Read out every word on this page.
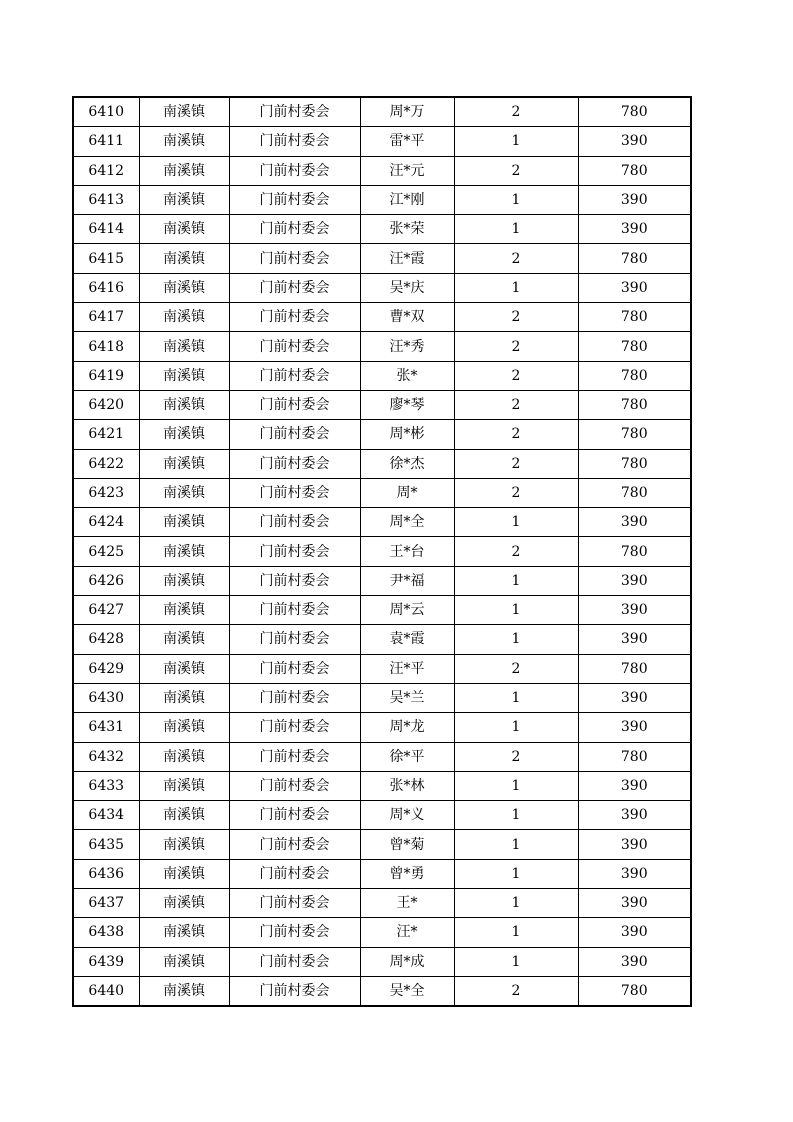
6410	南溪镇	门前村委会	周*万	2	780
6411	南溪镇	门前村委会	雷*平	1	390
6412	南溪镇	门前村委会	汪*元	2	780
6413	南溪镇	门前村委会	江*刚	1	390
6414	南溪镇	门前村委会	张*荣	1	390
6415	南溪镇	门前村委会	汪*霞	2	780
6416	南溪镇	门前村委会	吴*庆	1	390
6417	南溪镇	门前村委会	曹*双	2	780
6418	南溪镇	门前村委会	汪*秀	2	780
6419	南溪镇	门前村委会	张*	2	780
6420	南溪镇	门前村委会	廖*琴	2	780
6421	南溪镇	门前村委会	周*彬	2	780
6422	南溪镇	门前村委会	徐*杰	2	780
6423	南溪镇	门前村委会	周*	2	780
6424	南溪镇	门前村委会	周*全	1	390
6425	南溪镇	门前村委会	王*台	2	780
6426	南溪镇	门前村委会	尹*福	1	390
6427	南溪镇	门前村委会	周*云	1	390
6428	南溪镇	门前村委会	袁*霞	1	390
6429	南溪镇	门前村委会	汪*平	2	780
6430	南溪镇	门前村委会	吴*兰	1	390
6431	南溪镇	门前村委会	周*龙	1	390
6432	南溪镇	门前村委会	徐*平	2	780
6433	南溪镇	门前村委会	张*林	1	390
6434	南溪镇	门前村委会	周*义	1	390
6435	南溪镇	门前村委会	曾*菊	1	390
6436	南溪镇	门前村委会	曾*勇	1	390
6437	南溪镇	门前村委会	王*	1	390
6438	南溪镇	门前村委会	汪*	1	390
6439	南溪镇	门前村委会	周*成	1	390
6440	南溪镇	门前村委会	吴*全	2	780
